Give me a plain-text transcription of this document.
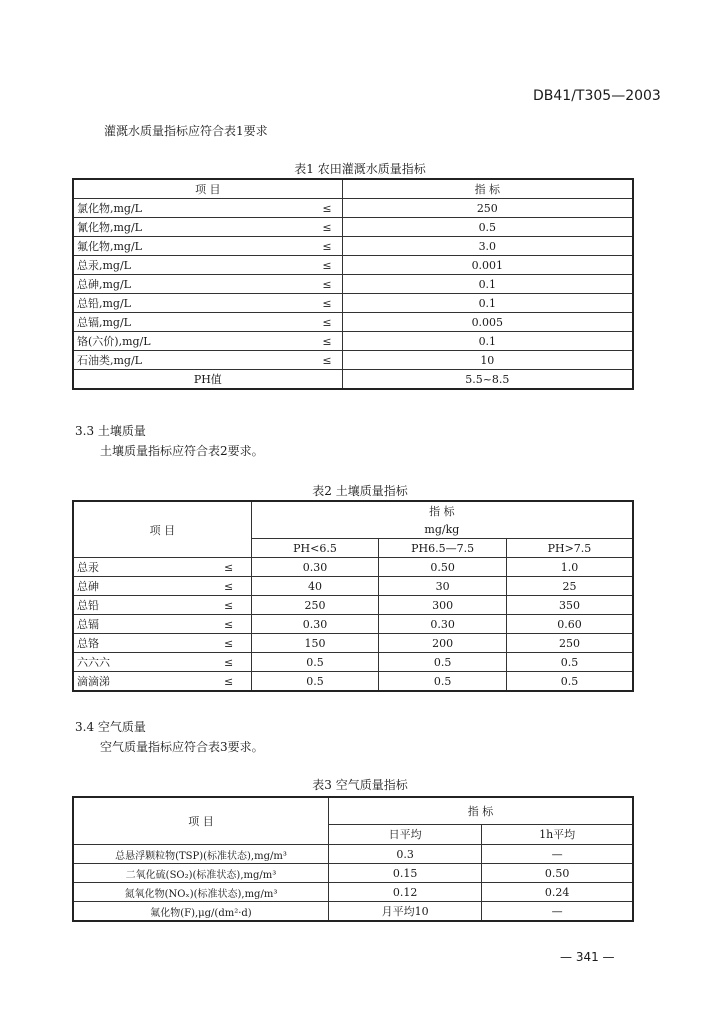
DB41/T305—2003
灌溉水质量指标应符合表1要求
表1 农田灌溉水质量指标
项 目		指 标
氯化物,mg/L	≤	250
氰化物,mg/L	≤	0.5
氟化物,mg/L	≤	3.0
总汞,mg/L	≤	0.001
总砷,mg/L	≤	0.1
总铅,mg/L	≤	0.1
总镉,mg/L	≤	0.005
铬(六价),mg/L	≤	0.1
石油类,mg/L	≤	10
PH值		5.5~8.5
3.3 土壤质量
土壤质量指标应符合表2要求。
表2 土壤质量指标
项 目		指 标		
		mg/kg		
		PH<6.5	PH6.5—7.5	PH>7.5
总汞	≤	0.30	0.50	1.0
总砷	≤	40	30	25
总铅	≤	250	300	350
总镉	≤	0.30	0.30	0.60
总铬	≤	150	200	250
六六六	≤	0.5	0.5	0.5
滴滴涕	≤	0.5	0.5	0.5
3.4 空气质量
空气质量指标应符合表3要求。
表3 空气质量指标
项 目	指 标	
	日平均	1h平均
总悬浮颗粒物(TSP)(标准状态),mg/m³	0.3	—
二氧化硫(SO₂)(标准状态),mg/m³	0.15	0.50
氮氧化物(NOₓ)(标准状态),mg/m³	0.12	0.24
氟化物(F),μg/(dm²·d)	月平均10	—
— 341 —
